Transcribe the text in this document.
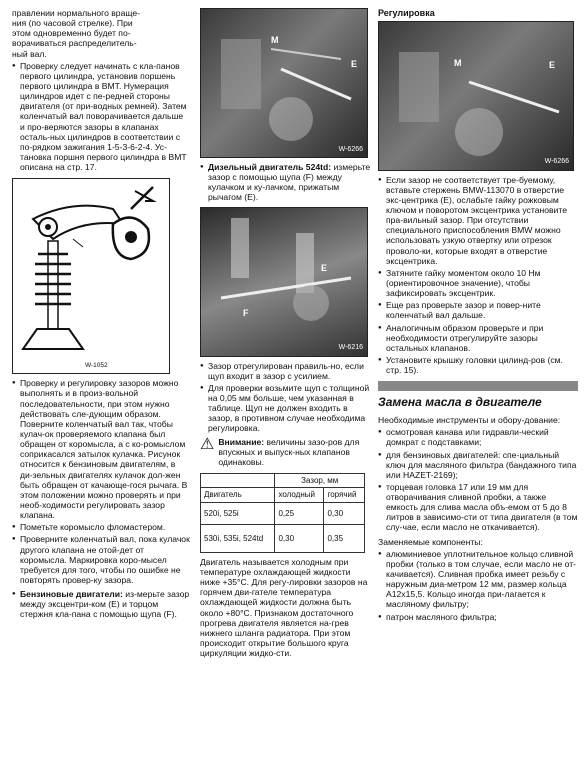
правлении нормального враще-

ния (по часовой стрелке). При

этом одновременно будет по-

ворачиваться распределитель-

ный вал.

● Проверку следует начинать с кла-панов первого цилиндра, установив поршень первого цилиндра в ВМТ. Нумерация цилиндров идет с пе-редней стороны двигателя (от при-водных ремней). Затем коленчатый вал поворачивается дальше и про-веряются зазоры в клапанах осталь-ных цилиндров в соответствии с по-рядком зажигания 1-5-3-6-2-4. Ус-тановка поршня первого цилиндра в ВМТ описана на стр. 17.

W-1052

● Проверку и регулировку зазоров можно выполнять и в произ-вольной последовательности, при этом нужно действовать сле-дующим образом. Поверните коленчатый вал так, чтобы кулач-ок проверяемого клапана был обращен от коромысла, а с ко-ромыслом соприкасался затылок кулачка. Рисунок относится к бензиновым двигателям, в ди-зельных двигателях кулачок дол-жен быть обращен от качающе-гося рычага. В этом положении можно проверять и при необ-ходимости регулировать зазор клапана.

● Пометьте коромысло фломастером.

● Проверните коленчатый вал, пока кулачок другого клапана не отой-дет от коромысла. Маркировка коро-мысел требуется для того, чтобы по ошибке не повторять провер-ку зазора.

● Бензиновые двигатели: из-мерьте зазор между эксцентри-ком (E) и торцом стержня кла-пана с помощью щупа (F).

M
E
W-6266

● Дизельный двигатель 524td: измерьте зазор с помощью щупа (F) между кулачком и ку-лачком, прижатым рычагом (E).

F
E
W-6216

● Зазор отрегулирован правиль-но, если щуп входит в зазор с усилием.

● Для проверки возьмите щуп с толщиной на 0,05 мм больше, чем указанная в таблице. Щуп не должен входить в зазор, в противном случае необходима регулировка.

⚠ Внимание: величины зазо-ров для впускных и выпуск-ных клапанов одинаковы.

	Зазор, мм	
Двигатель	холодный	горячий
520i, 525i	0,25	0,30
530i, 535i, 524td	0,30	0,35

Двигатель называется холодным при температуре охлаждающей жидкости ниже +35°С. Для регу-лировки зазоров на горячем дви-гателе температура охлаждающей жидкости должна быть около +80°С. Признаком достаточного прогрева двигателя является на-грев нижнего шланга радиатора. При этом происходит открытие большого круга циркуляции жидко-сти.

Регулировка
M	E
W-6266

● Если зазор не соответствует тре-буемому, вставьте стержень BMW-113070 в отверстие экс-центрика (E), ослабьте гайку рожковым ключом и поворотом эксцентрика установите пра-вильный зазор. При отсутствии специального приспособления BMW можно использовать узкую отвертку или отрезок проволо-ки, которые входят в отверстие эксцентрика.

● Затяните гайку моментом около 10 Нм (ориентировочное значение), чтобы зафиксировать эксцентрик.

● Еще раз проверьте зазор и повер-ните коленчатый вал дальше.

● Аналогичным образом проверьте и при необходимости отрегулируйте зазоры остальных клапанов.

● Установите крышку головки цилинд-ров (см. стр. 15).

Замена масла в двигателе

Необходимые инструменты и обору-дование:

● осмотровая канава или гидравли-ческий домкрат с подставками;

● для бензиновых двигателей: спе-циальный ключ для масляного фильтра (бандажного типа или HAZET-2169);

● торцевая головка 17 или 19 мм для отворачивания сливной пробки, а также емкость для слива масла объ-емом от 5 до 8 литров в зависимо-сти от типа двигателя (в том слу-чае, если масло не откачивается).

Заменяемые компоненты:

● алюминиевое уплотнительное кольцо сливной пробки (только в том случае, если масло не от-качивается). Сливная пробка имеет резьбу с наружным диа-метром 12 мм, размер кольца А12х15,5. Кольцо иногда при-лагается к масляному фильтру;

● патрон масляного фильтра;
